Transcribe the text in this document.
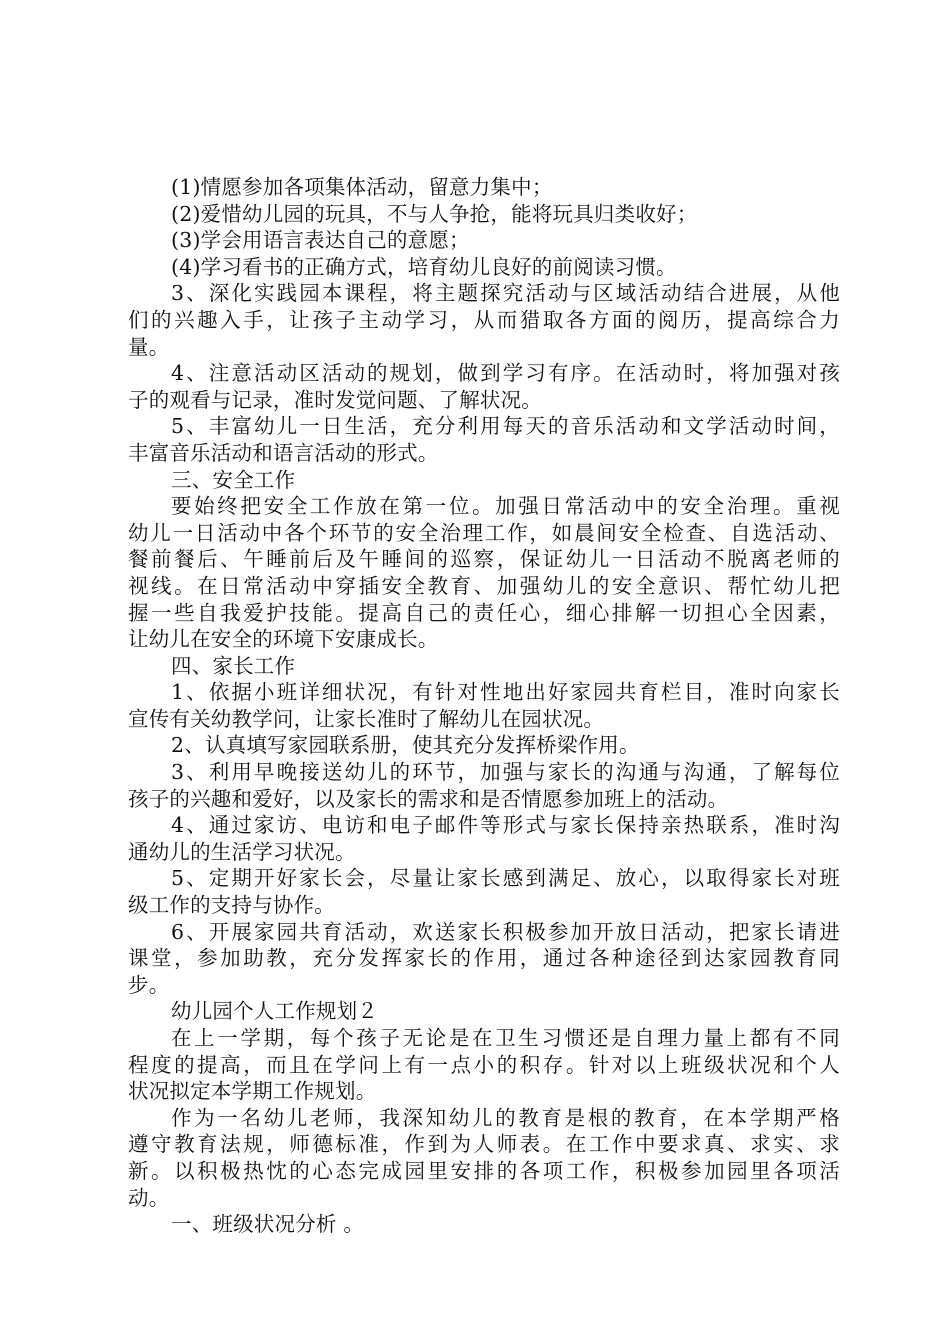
(1)情愿参加各项集体活动，留意力集中；
(2)爱惜幼儿园的玩具，不与人争抢，能将玩具归类收好；
(3)学会用语言表达自己的意愿；
(4)学习看书的正确方式，培育幼儿良好的前阅读习惯。
3、深化实践园本课程，将主题探究活动与区域活动结合进展，从他
们的兴趣入手，让孩子主动学习，从而猎取各方面的阅历，提高综合力
量。
4、注意活动区活动的规划，做到学习有序。在活动时，将加强对孩
子的观看与记录，准时发觉问题、了解状况。
5、丰富幼儿一日生活，充分利用每天的音乐活动和文学活动时间，
丰富音乐活动和语言活动的形式。
三、安全工作
要始终把安全工作放在第一位。加强日常活动中的安全治理。重视
幼儿一日活动中各个环节的安全治理工作，如晨间安全检查、自选活动、
餐前餐后、午睡前后及午睡间的巡察，保证幼儿一日活动不脱离老师的
视线。在日常活动中穿插安全教育、加强幼儿的安全意识、帮忙幼儿把
握一些自我爱护技能。提高自己的责任心，细心排解一切担心全因素，
让幼儿在安全的环境下安康成长。
四、家长工作
1、依据小班详细状况，有针对性地出好家园共育栏目，准时向家长
宣传有关幼教学问，让家长准时了解幼儿在园状况。
2、认真填写家园联系册，使其充分发挥桥梁作用。
3、利用早晚接送幼儿的环节，加强与家长的沟通与沟通，了解每位
孩子的兴趣和爱好，以及家长的需求和是否情愿参加班上的活动。
4、通过家访、电访和电子邮件等形式与家长保持亲热联系，准时沟
通幼儿的生活学习状况。
5、定期开好家长会，尽量让家长感到满足、放心，以取得家长对班
级工作的支持与协作。
6、开展家园共育活动，欢送家长积极参加开放日活动，把家长请进
课堂，参加助教，充分发挥家长的作用，通过各种途径到达家园教育同
步。
幼儿园个人工作规划２
在上一学期，每个孩子无论是在卫生习惯还是自理力量上都有不同
程度的提高，而且在学问上有一点小的积存。针对以上班级状况和个人
状况拟定本学期工作规划。
作为一名幼儿老师，我深知幼儿的教育是根的教育，在本学期严格
遵守教育法规，师德标准，作到为人师表。在工作中要求真、求实、求
新。以积极热忱的心态完成园里安排的各项工作，积极参加园里各项活
动。
一、班级状况分析 。
